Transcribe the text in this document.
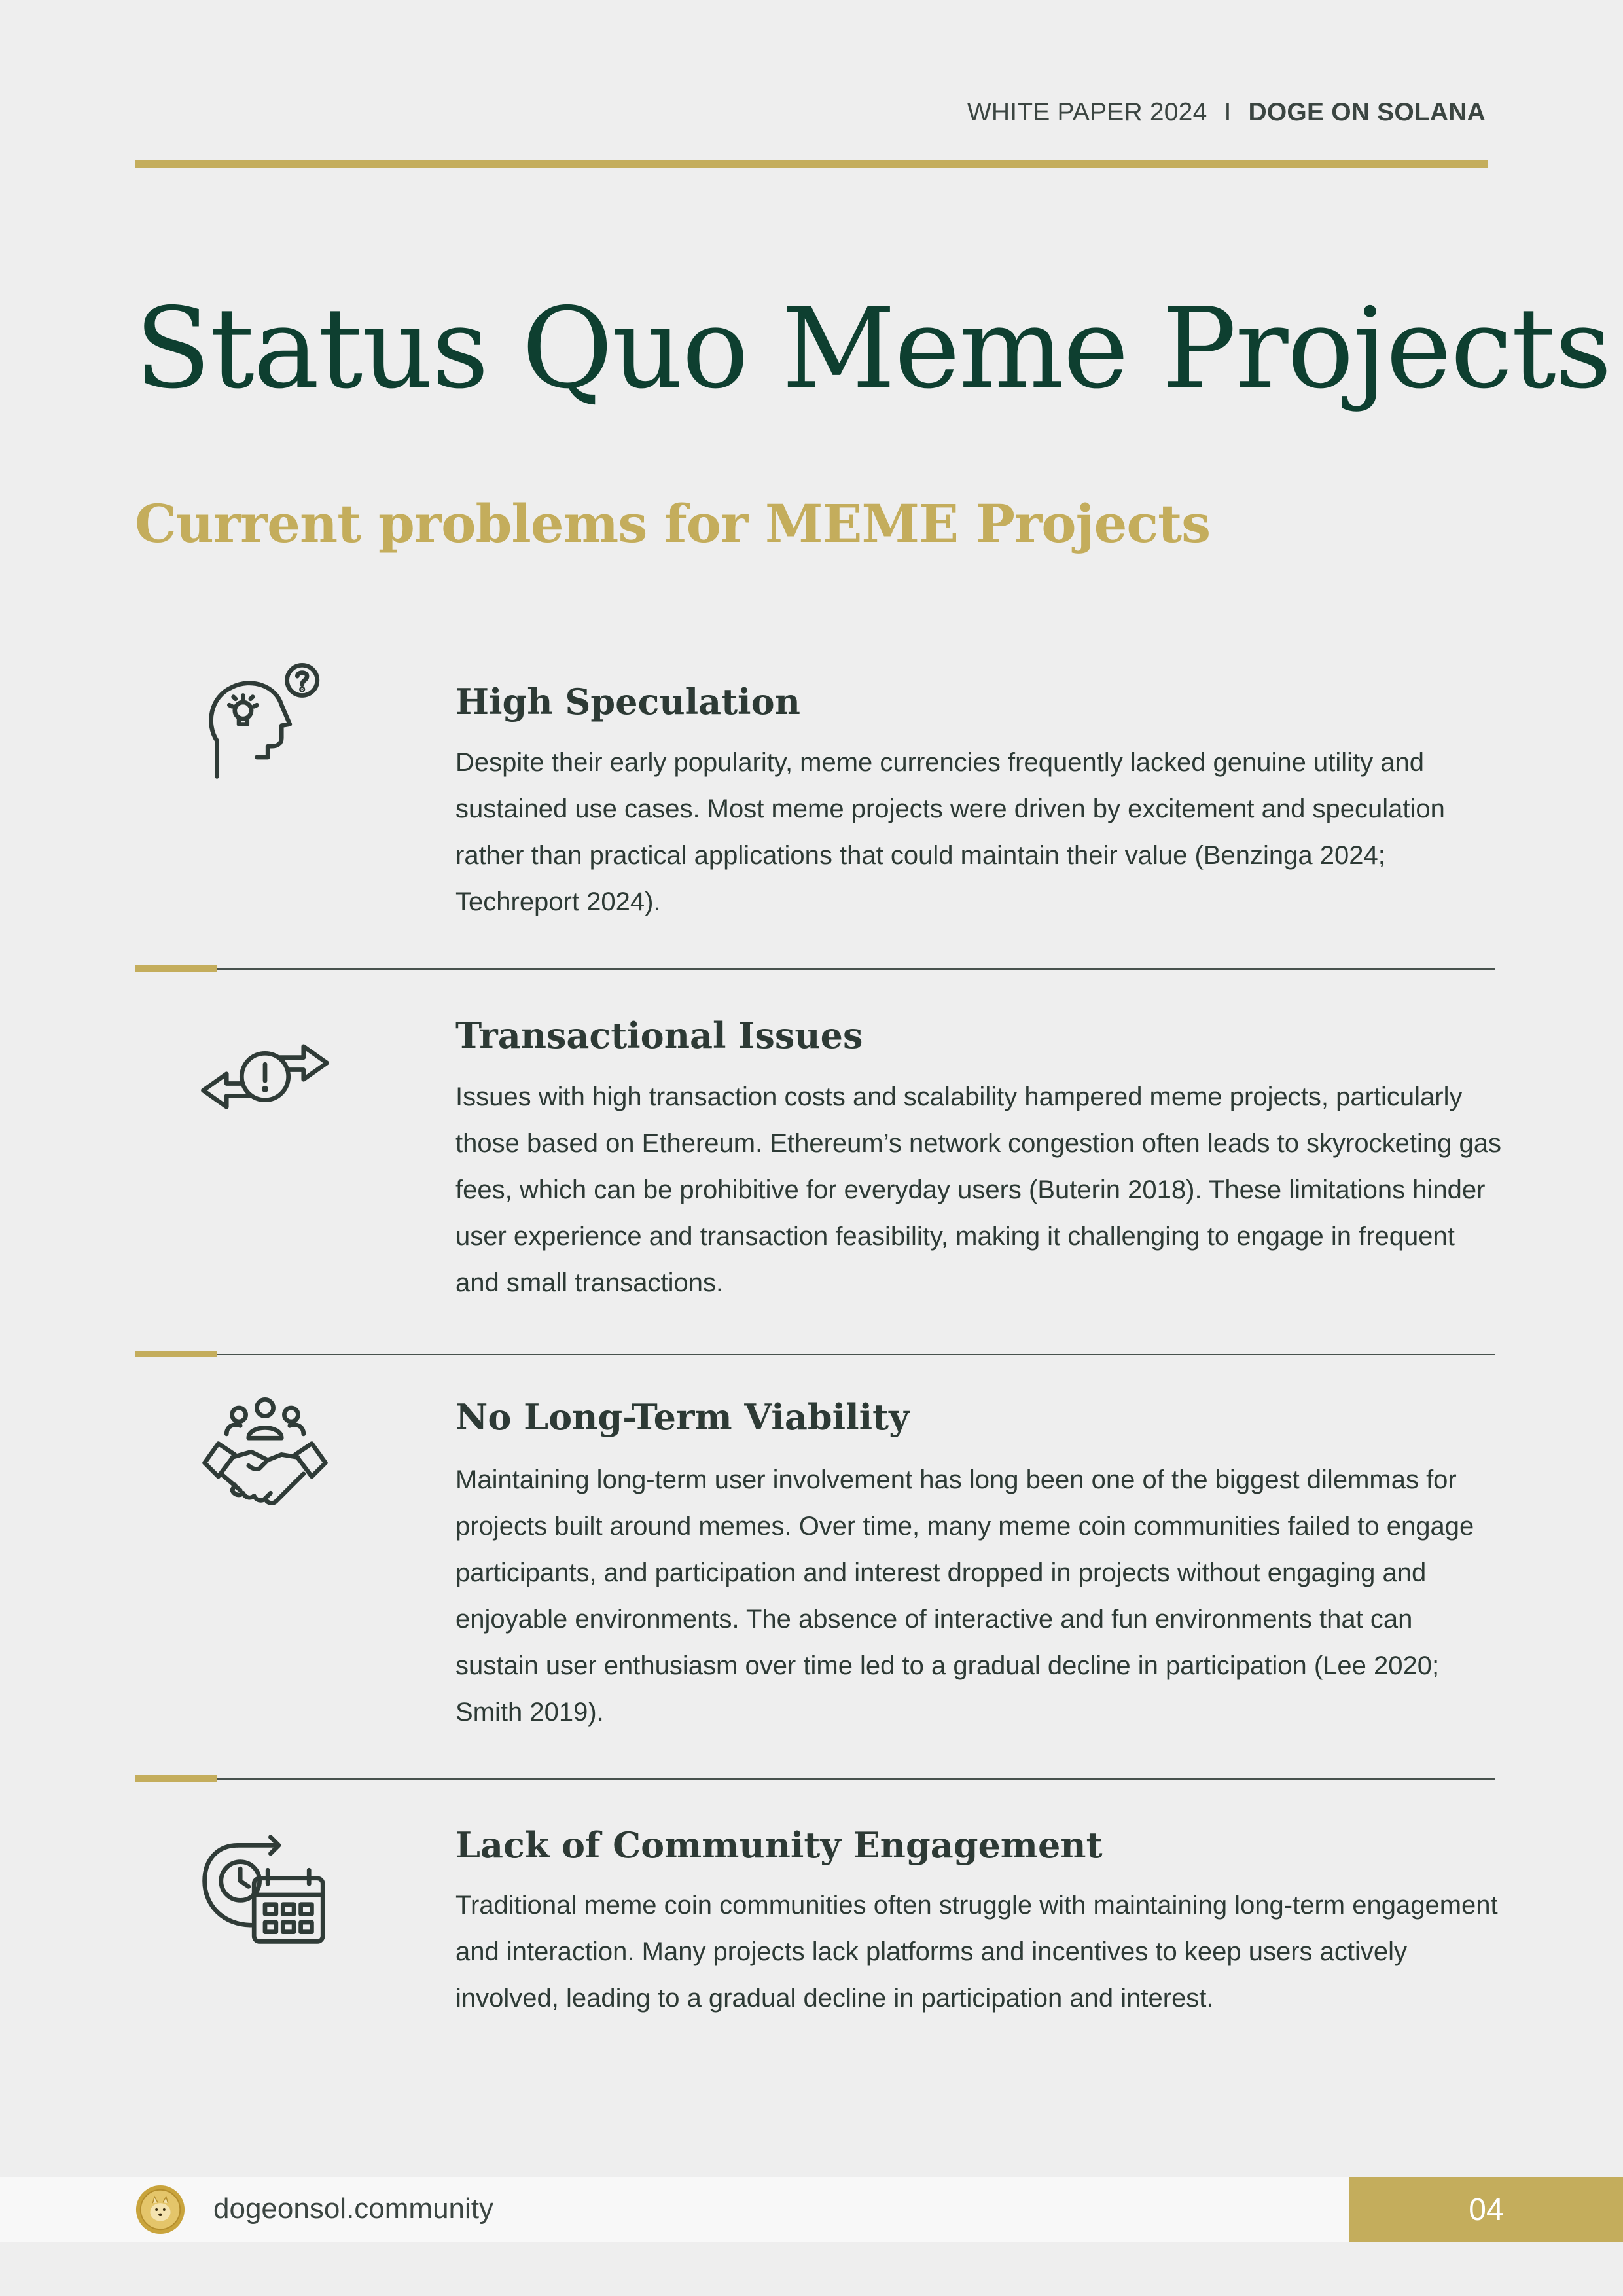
WHITE PAPER 2024 I DOGE ON SOLANA
Status Quo Meme Projects
Current problems for MEME Projects
High Speculation

Despite their early popularity, meme currencies frequently lacked genuine utility and sustained use cases. Most meme projects were driven by excitement and speculation rather than practical applications that could maintain their value (Benzinga 2024; Techreport 2024).

Transactional Issues

Issues with high transaction costs and scalability hampered meme projects, particularly those based on Ethereum. Ethereum’s network congestion often leads to skyrocketing gas fees, which can be prohibitive for everyday users (Buterin 2018). These limitations hinder user experience and transaction feasibility, making it challenging to engage in frequent and small transactions.

No Long-Term Viability

Maintaining long-term user involvement has long been one of the biggest dilemmas for projects built around memes. Over time, many meme coin communities failed to engage participants, and participation and interest dropped in projects without engaging and enjoyable environments. The absence of interactive and fun environments that can sustain user enthusiasm over time led to a gradual decline in participation (Lee 2020; Smith 2019).

Lack of Community Engagement

Traditional meme coin communities often struggle with maintaining long-term engagement and interaction. Many projects lack platforms and incentives to keep users actively involved, leading to a gradual decline in participation and interest.

dogeonsol.community	04
